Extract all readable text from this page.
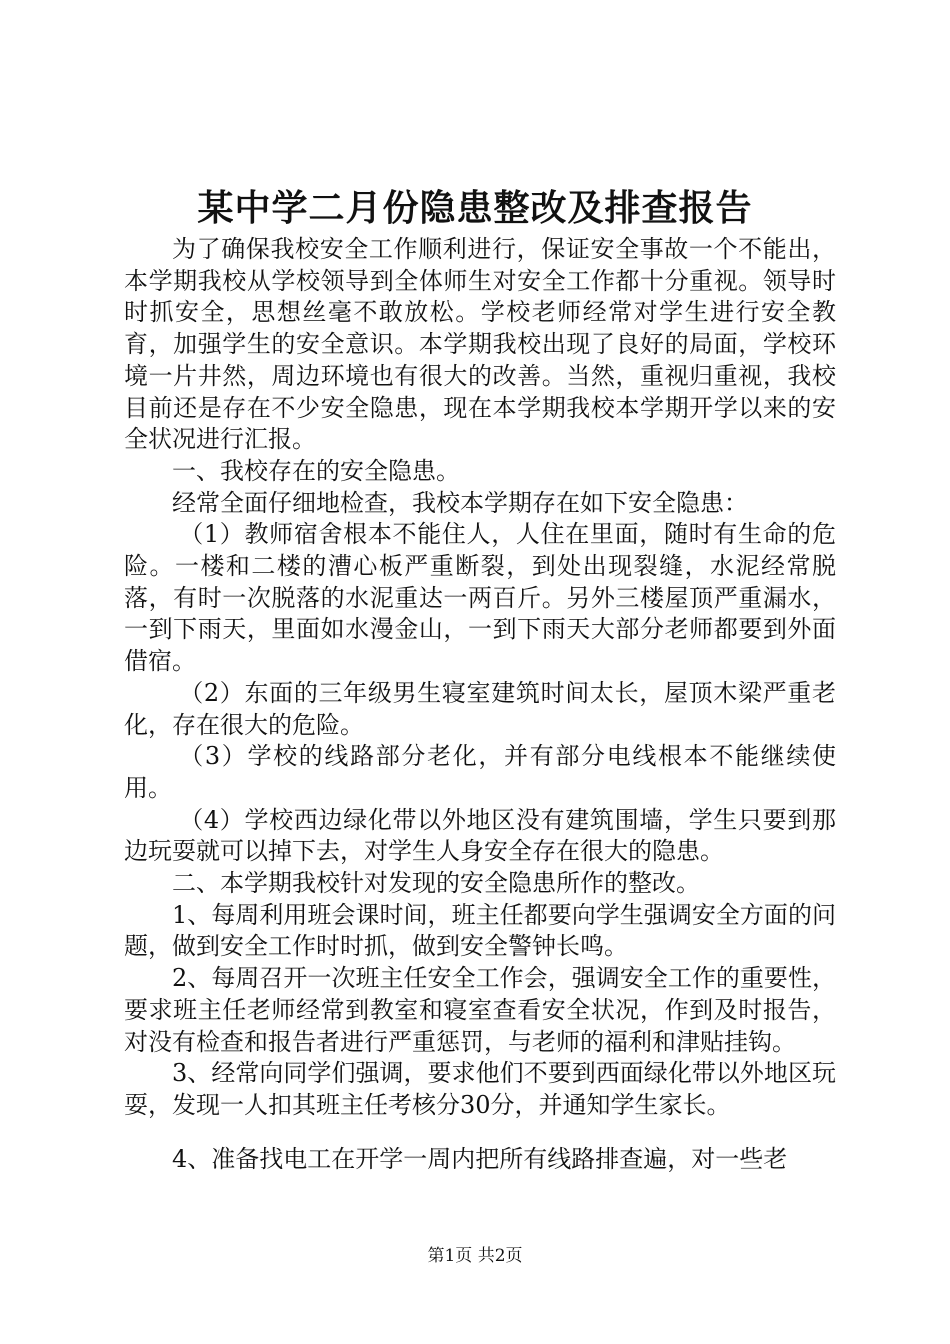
某中学二月份隐患整改及排查报告

为了确保我校安全工作顺利进行，保证安全事故一个不能出，本学期我校从学校领导到全体师生对安全工作都十分重视。领导时时抓安全，思想丝毫不敢放松。学校老师经常对学生进行安全教育，加强学生的安全意识。本学期我校出现了良好的局面，学校环境一片井然，周边环境也有很大的改善。当然，重视归重视，我校目前还是存在不少安全隐患，现在本学期我校本学期开学以来的安全状况进行汇报。

一、我校存在的安全隐患。

经常全面仔细地检查，我校本学期存在如下安全隐患：

（1）教师宿舍根本不能住人，人住在里面，随时有生命的危险。一楼和二楼的漕心板严重断裂，到处出现裂缝，水泥经常脱落，有时一次脱落的水泥重达一两百斤。另外三楼屋顶严重漏水，一到下雨天，里面如水漫金山，一到下雨天大部分老师都要到外面借宿。

（2）东面的三年级男生寝室建筑时间太长，屋顶木梁严重老化，存在很大的危险。

（3）学校的线路部分老化，并有部分电线根本不能继续使用。

（4）学校西边绿化带以外地区没有建筑围墙，学生只要到那边玩耍就可以掉下去，对学生人身安全存在很大的隐患。

二、本学期我校针对发现的安全隐患所作的整改。

1、每周利用班会课时间，班主任都要向学生强调安全方面的问题，做到安全工作时时抓，做到安全警钟长鸣。

2、每周召开一次班主任安全工作会，强调安全工作的重要性，要求班主任老师经常到教室和寝室查看安全状况，作到及时报告，对没有检查和报告者进行严重惩罚，与老师的福利和津贴挂钩。

3、经常向同学们强调，要求他们不要到西面绿化带以外地区玩耍，发现一人扣其班主任考核分30分，并通知学生家长。

4、准备找电工在开学一周内把所有线路排查遍，对一些老

第1页 共2页
